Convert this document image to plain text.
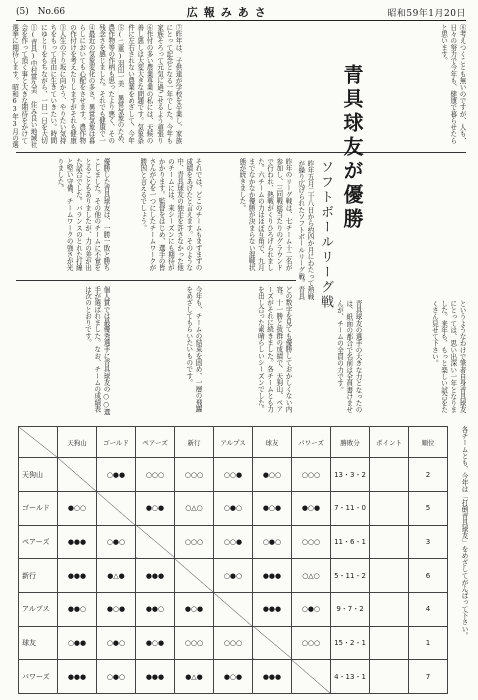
(5) No.66	広報みあさ	昭和59年1月20日

①(青具)中村富久美 住み良い地域社会を作って頂く事と大きな期待をかけて選挙に期待します。昭和63年3月の選

③人生の下り坂に向かう、やりたい気持ちをもって自由に生きていきたい。時間にゆとりをもちながら、一日一日を大切

④最近の気象変化の多さ。異常気象は暮らしにおいても心配をさせます。農作物の作付けを考えたりしますがそれも健康

⑤(二重)羽田一美 異常気象のため、農作物等の作柄も思ったより悪く、その残念さを感じました。それでも健康で一

⑥作付の多い農業専業の私には、天候の善し悪しは大変大きな問題です。気象条件に左右されない農業をめざして、今年

⑦昨年は、子供達が学校を卒業し、家族にとって記念となる一年でした。今年も家族そろって元気に過ごせるよう頑張り	⑧考えつくことも無いのですが、人も、日々の努力で今年も、健康で暮らせたらと思います。

青具球友が優勝
ソフトボールリーグ戦

昨年五月二十八日から約四か月にわたって熱戦が繰り広げられたソフトボールリーグ戦。青具

昨年のリーグ戦は、七チーム十二名が参加し、三回戦総当たりのグラウンドで行われ、熱戦がくりひろげられました。六チームの力はほぼ互角で、九月までなかなか優勝が決まらない混戦状態が続きました。

それでは、どこのチームもまずまずの成績をあげたと言えます。そのような中、青具球友の独走を許さなかった他のチームには、来シーズンにも期待がかかります。監督をはじめ、選手の皆さんが心を一つにしたチームワークが勝因と言えるでしょう。

優勝した青具球友は、一勝一敗と勝ちこしました。その他のチームに不覚をとることもありましたが、力の差が出た試合でした。バランスのとれた打線と堅い守備、チームワークの強さが光りました。

どの数字を見ても優勝しておかしくない内容。十一勝と抜群の成績で、天狗山、ペアーズがそれに続きました。各チームとも力を出し合った素晴らしいシーズンでした。

今年も、チームの結束を固め、一層の飛躍をめざしてもらいたいものです。	というようなわけで筆者自身青具球友にとっては、思い出深い一年となりました。来年も、もっと楽しい試合をたくさん見せて下さい。

青具球友の選手の大きな力となったのは、紙面の都合で名前は全員書けませんが、チームの全員の力です。

各チームとも、今年は「打倒青具球友」をめざしてがんばって下さい。

	天狗山	ゴールド	ペアーズ	新行	アルプス	球友	パワーズ	勝敗分	ポイント	順位
天狗山		○●●	○○○	○○○	○○●	●○○	○○○	13・3・2		2
ゴールド	●○○		●○●	○△○	○●○	●○●	●○●	7・11・0		5
ペアーズ	●●●	○●○		○○○	○○●	○●○	○○○	11・6・1		3
新行	●●●	●△●	●●●		○●○	●●●	○△○	5・11・2		6
アルプス	●●○	●○●	●●○	●○●		●●●	○●○	9・7・2		4
球友	○●●	○●○	●○●	○○○	○○○		○○○	15・2・1		1
パワーズ	●●●	○●○	●●●	●△●	●○●	●●●		4・13・1		7

個人賞では最優秀選手に青具球友の○○選手が選ばれました。なお、チームの成績表は次のとおりです。
